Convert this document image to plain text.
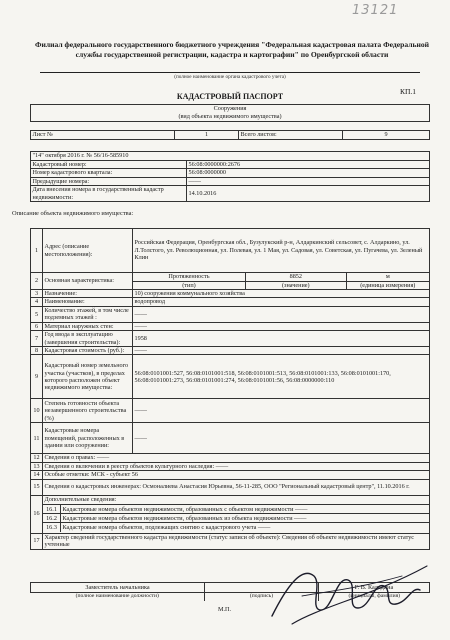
13121
Филиал федерального государственного бюджетного учреждения "Федеральная кадастровая палата Федеральной службы государственной регистрации, кадастра и картографии" по Оренбургской области
(полное наименование органа кадастрового учета)
КАДАСТРОВЫЙ ПАСПОРТ
КП.1
Сооружения
(вид объекта недвижимого имущества)
Лист №	1	Всего листов:	9
"14" октября 2016 г. № 56/16-585910	
Кадастровый номер:	56:08:0000000:2676
Номер кадастрового квартала:	56:08:0000000
Предыдущие номера:	——
Дата внесения номера в государственный кадастр недвижимости:	14.10.2016
Описание объекта недвижимого имущества:
1	Адрес (описание местоположения):	Российская Федерация, Оренбургская обл., Бузулукский р-н, Алдаркинский сельсовет, с. Алдаркино, ул. Л.Толстого, ул. Революционная, ул. Полевая, ул. 1 Мая, ул. Садовая, ул. Советская, ул. Пугачева, ул. Зеленый Клин
2	Основная характеристика:	
Протяженность	8852	м
(тип)	(значение)	(единица измерения)

3	Назначение:	10) сооружения коммунального хозяйства
4	Наименование:	водопровод
5	Количество этажей, в том числе подземных этажей :	——
6	Материал наружных стен:	——
7	Год ввода в эксплуатацию (завершения строительства):	1958
8	Кадастровая стоимость (руб.):	——
9	Кадастровый номер земельного участка (участков), в пределах которого расположен объект недвижимого имущества:	56:08:0101001:527, 56:08:0101001:518, 56:08:0101001:513, 56:08:0101001:133, 56:08:0101001:170, 56:08:0101001:273, 56:08:0101001:274, 56:08:0101001:56, 56:08:0000000:110
10	Степень готовности объекта незавершенного строительства (%)	——
11	Кадастровые номера помещений, расположенных в здании или сооружении:	——
12	Сведения о правах: ——
13	Сведения о включении в реестр объектов культурного наследия: ——
14	Особые отметки: МСК - субъект 56
15	Сведения о кадастровых инженерах: Осмоналиева Анастасия Юрьевна, 56-11-285, ООО "Региональный кадастровый центр", 11.10.2016 г.
16	
Дополнительные сведения:
16.1	Кадастровые номера объектов недвижимости, образованных с объектом недвижимости ——
16.2	Кадастровые номера объектов недвижимости, образованных из объекта недвижимости ——
16.3	Кадастровые номера объектов, подлежащих снятию с кадастрового учета ——

17	Характер сведений государственного кадастра недвижимости (статус записи об объекте): Сведения об объекте недвижимости имеют статус учтенные
Заместитель начальника		Г. В. Калядина
(полное наименование должности)	(подпись)	(инициалы, фамилия)
М.П.
